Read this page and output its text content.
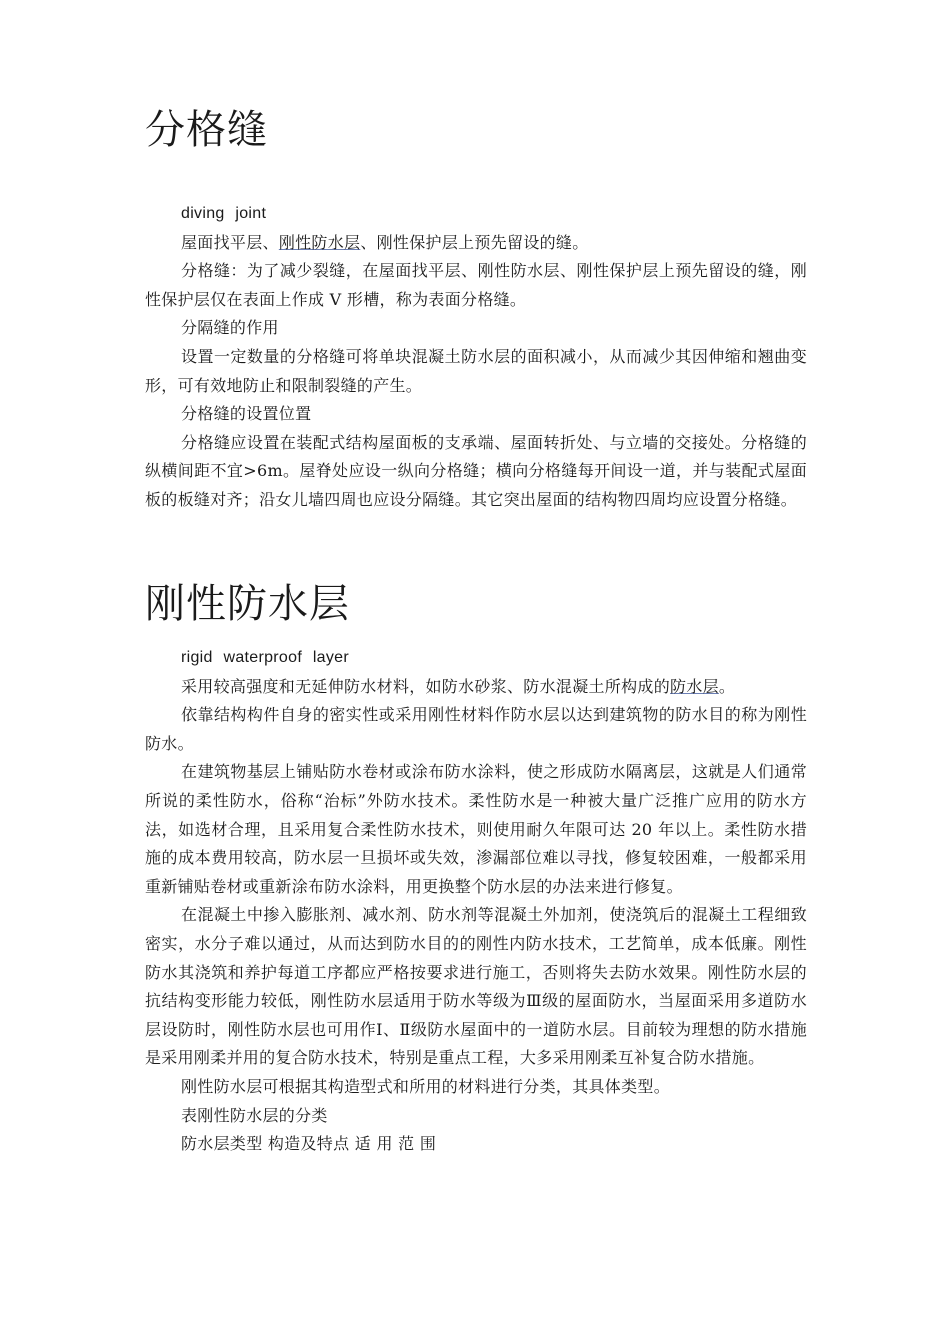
分格缝

diving joint

屋面找平层、刚性防水层、刚性保护层上预先留设的缝。

分格缝：为了减少裂缝，在屋面找平层、刚性防水层、刚性保护层上预先留设的缝，刚性保护层仅在表面上作成 V 形槽，称为表面分格缝。

分隔缝的作用

设置一定数量的分格缝可将单块混凝土防水层的面积减小，从而减少其因伸缩和翘曲变形，可有效地防止和限制裂缝的产生。

分格缝的设置位置

分格缝应设置在装配式结构屋面板的支承端、屋面转折处、与立墙的交接处。分格缝的纵横间距不宜>6m。屋脊处应设一纵向分格缝；横向分格缝每开间设一道，并与装配式屋面板的板缝对齐；沿女儿墙四周也应设分隔缝。其它突出屋面的结构物四周均应设置分格缝。

刚性防水层

rigid waterproof layer

采用较高强度和无延伸防水材料，如防水砂浆、防水混凝土所构成的防水层。

依靠结构构件自身的密实性或采用刚性材料作防水层以达到建筑物的防水目的称为刚性防水。

在建筑物基层上铺贴防水卷材或涂布防水涂料，使之形成防水隔离层，这就是人们通常所说的柔性防水，俗称“治标”外防水技术。柔性防水是一种被大量广泛推广应用的防水方法，如选材合理，且采用复合柔性防水技术，则使用耐久年限可达 20 年以上。柔性防水措施的成本费用较高，防水层一旦损坏或失效，渗漏部位难以寻找，修复较困难，一般都采用重新铺贴卷材或重新涂布防水涂料，用更换整个防水层的办法来进行修复。

在混凝土中掺入膨胀剂、减水剂、防水剂等混凝土外加剂，使浇筑后的混凝土工程细致密实，水分子难以通过，从而达到防水目的的刚性内防水技术，工艺简单，成本低廉。刚性防水其浇筑和养护每道工序都应严格按要求进行施工，否则将失去防水效果。刚性防水层的抗结构变形能力较低，刚性防水层适用于防水等级为Ⅲ级的屋面防水，当屋面采用多道防水层设防时，刚性防水层也可用作Ⅰ、Ⅱ级防水屋面中的一道防水层。目前较为理想的防水措施是采用刚柔并用的复合防水技术，特别是重点工程，大多采用刚柔互补复合防水措施。

刚性防水层可根据其构造型式和所用的材料进行分类，其具体类型。

表刚性防水层的分类

防水层类型 构造及特点 适 用 范 围
